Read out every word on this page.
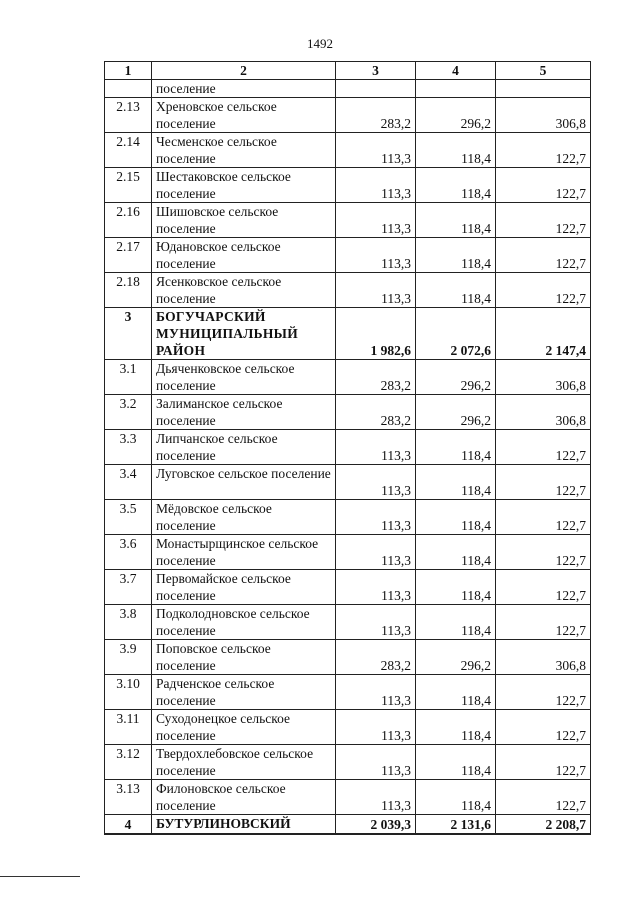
1492
1	2	3	4	5
	поселение			
2.13	Хреновское сельское поселение	283,2	296,2	306,8
2.14	Чесменское сельское поселение	113,3	118,4	122,7
2.15	Шестаковское сельское поселение	113,3	118,4	122,7
2.16	Шишовское сельское поселение	113,3	118,4	122,7
2.17	Юдановское сельское поселение	113,3	118,4	122,7
2.18	Ясенковское сельское поселение	113,3	118,4	122,7
3	БОГУЧАРСКИЙ МУНИЦИПАЛЬНЫЙ РАЙОН	1 982,6	2 072,6	2 147,4
3.1	Дьяченковское сельское поселение	283,2	296,2	306,8
3.2	Залиманское сельское поселение	283,2	296,2	306,8
3.3	Липчанское сельское поселение	113,3	118,4	122,7
3.4	Луговское сельское поселение	113,3	118,4	122,7
3.5	Мёдовское сельское поселение	113,3	118,4	122,7
3.6	Монастырщинское сельское поселение	113,3	118,4	122,7
3.7	Первомайское сельское поселение	113,3	118,4	122,7
3.8	Подколодновское сельское поселение	113,3	118,4	122,7
3.9	Поповское сельское поселение	283,2	296,2	306,8
3.10	Радченское сельское поселение	113,3	118,4	122,7
3.11	Суходонецкое сельское поселение	113,3	118,4	122,7
3.12	Твердохлебовское сельское поселение	113,3	118,4	122,7
3.13	Филоновское сельское поселение	113,3	118,4	122,7
4	БУТУРЛИНОВСКИЙ	2 039,3	2 131,6	2 208,7
